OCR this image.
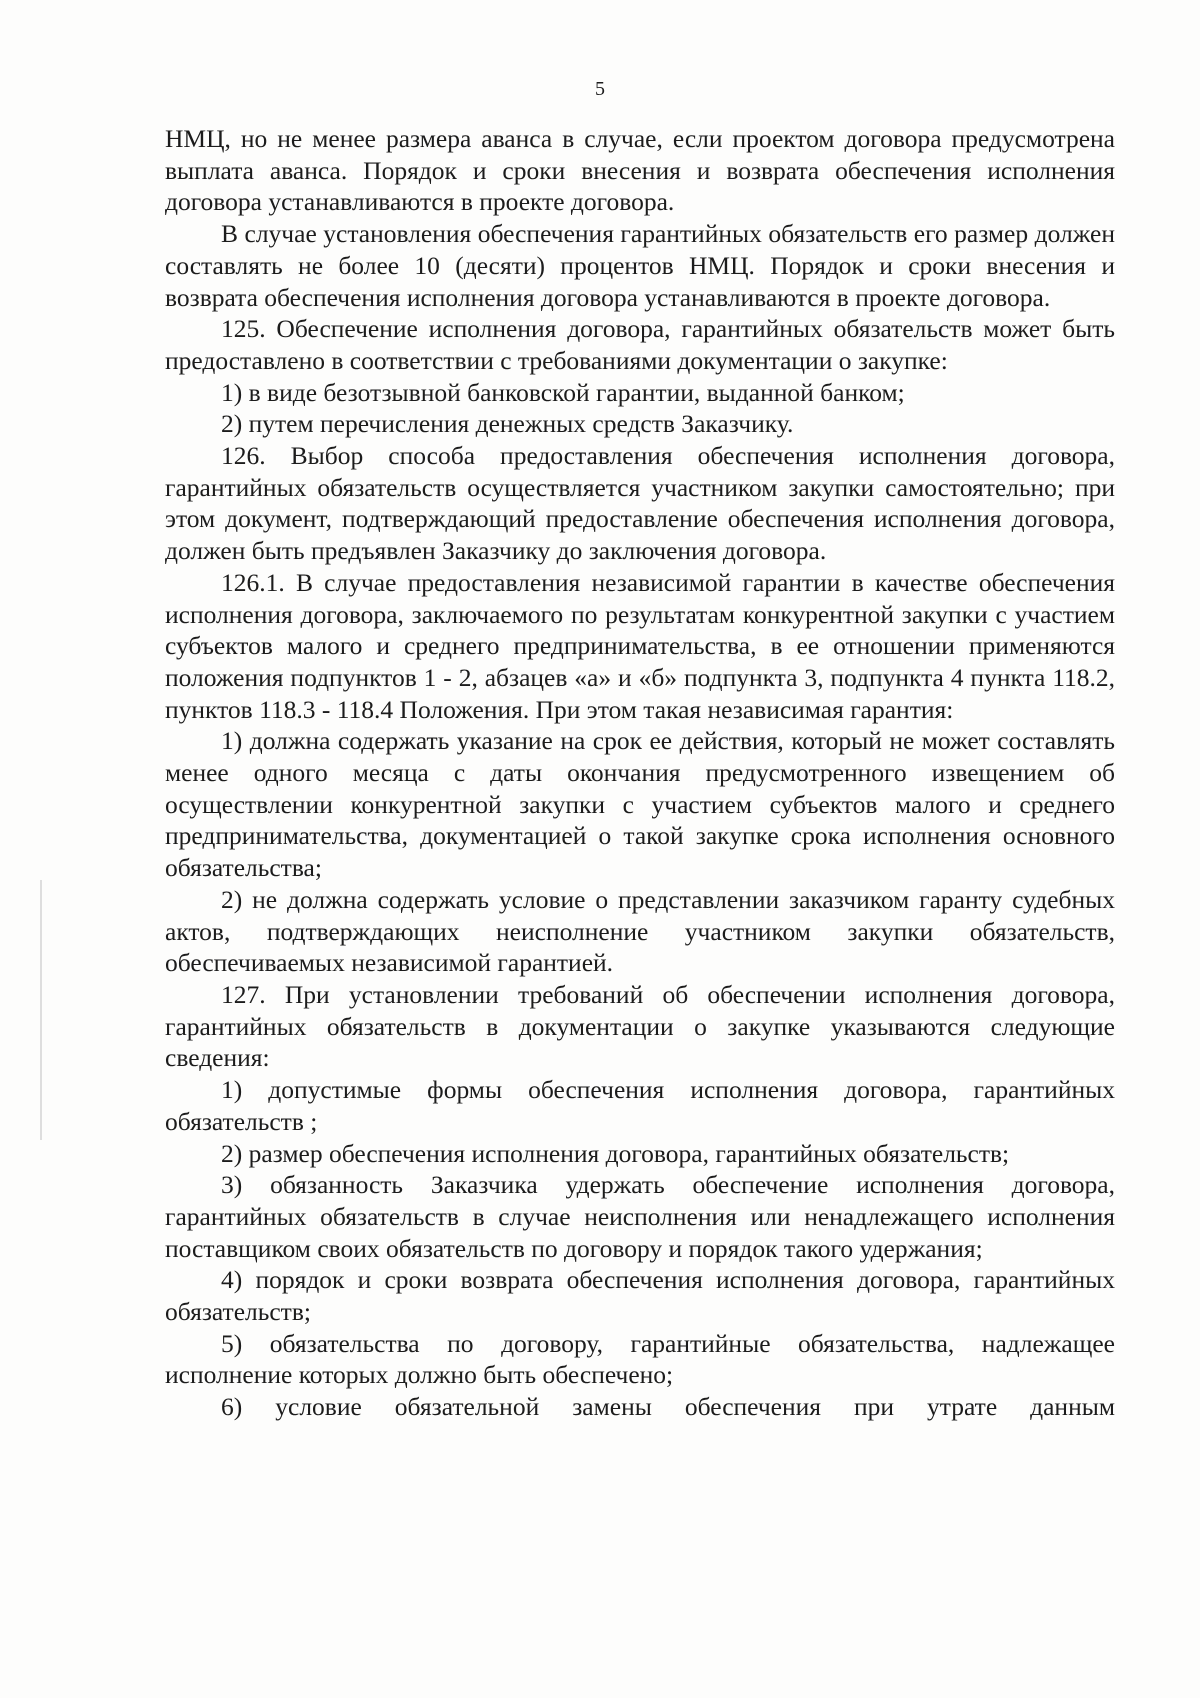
5

НМЦ, но не менее размера аванса в случае, если проектом договора предусмотрена выплата аванса. Порядок и сроки внесения и возврата обеспечения исполнения договора устанавливаются в проекте договора.

В случае установления обеспечения гарантийных обязательств его размер должен составлять не более 10 (десяти) процентов НМЦ. Порядок и сроки внесения и возврата обеспечения исполнения договора устанавливаются в проекте договора.

125. Обеспечение исполнения договора, гарантийных обязательств может быть предоставлено в соответствии с требованиями документации о закупке:

1) в виде безотзывной банковской гарантии, выданной банком;

2) путем перечисления денежных средств Заказчику.

126. Выбор способа предоставления обеспечения исполнения договора, гарантийных обязательств осуществляется участником закупки самостоятельно; при этом документ, подтверждающий предоставление обеспечения исполнения договора, должен быть предъявлен Заказчику до заключения договора.

126.1. В случае предоставления независимой гарантии в качестве обеспечения исполнения договора, заключаемого по результатам конкурентной закупки с участием субъектов малого и среднего предпринимательства, в ее отношении применяются положения подпунктов 1 - 2, абзацев «а» и «б» подпункта 3, подпункта 4 пункта 118.2, пунктов 118.3 - 118.4 Положения. При этом такая независимая гарантия:

1) должна содержать указание на срок ее действия, который не может составлять менее одного месяца с даты окончания предусмотренного извещением об осуществлении конкурентной закупки с участием субъектов малого и среднего предпринимательства, документацией о такой закупке срока исполнения основного обязательства;

2) не должна содержать условие о представлении заказчиком гаранту судебных актов, подтверждающих неисполнение участником закупки обязательств, обеспечиваемых независимой гарантией.

127. При установлении требований об обеспечении исполнения договора, гарантийных обязательств в документации о закупке указываются следующие сведения:

1) допустимые формы обеспечения исполнения договора, гарантийных обязательств ;

2) размер обеспечения исполнения договора, гарантийных обязательств;

3) обязанность Заказчика удержать обеспечение исполнения договора, гарантийных обязательств в случае неисполнения или ненадлежащего исполнения поставщиком своих обязательств по договору и порядок такого удержания;

4) порядок и сроки возврата обеспечения исполнения договора, гарантийных обязательств;

5) обязательства по договору, гарантийные обязательства, надлежащее исполнение которых должно быть обеспечено;

6) условие обязательной замены обеспечения при утрате данным
